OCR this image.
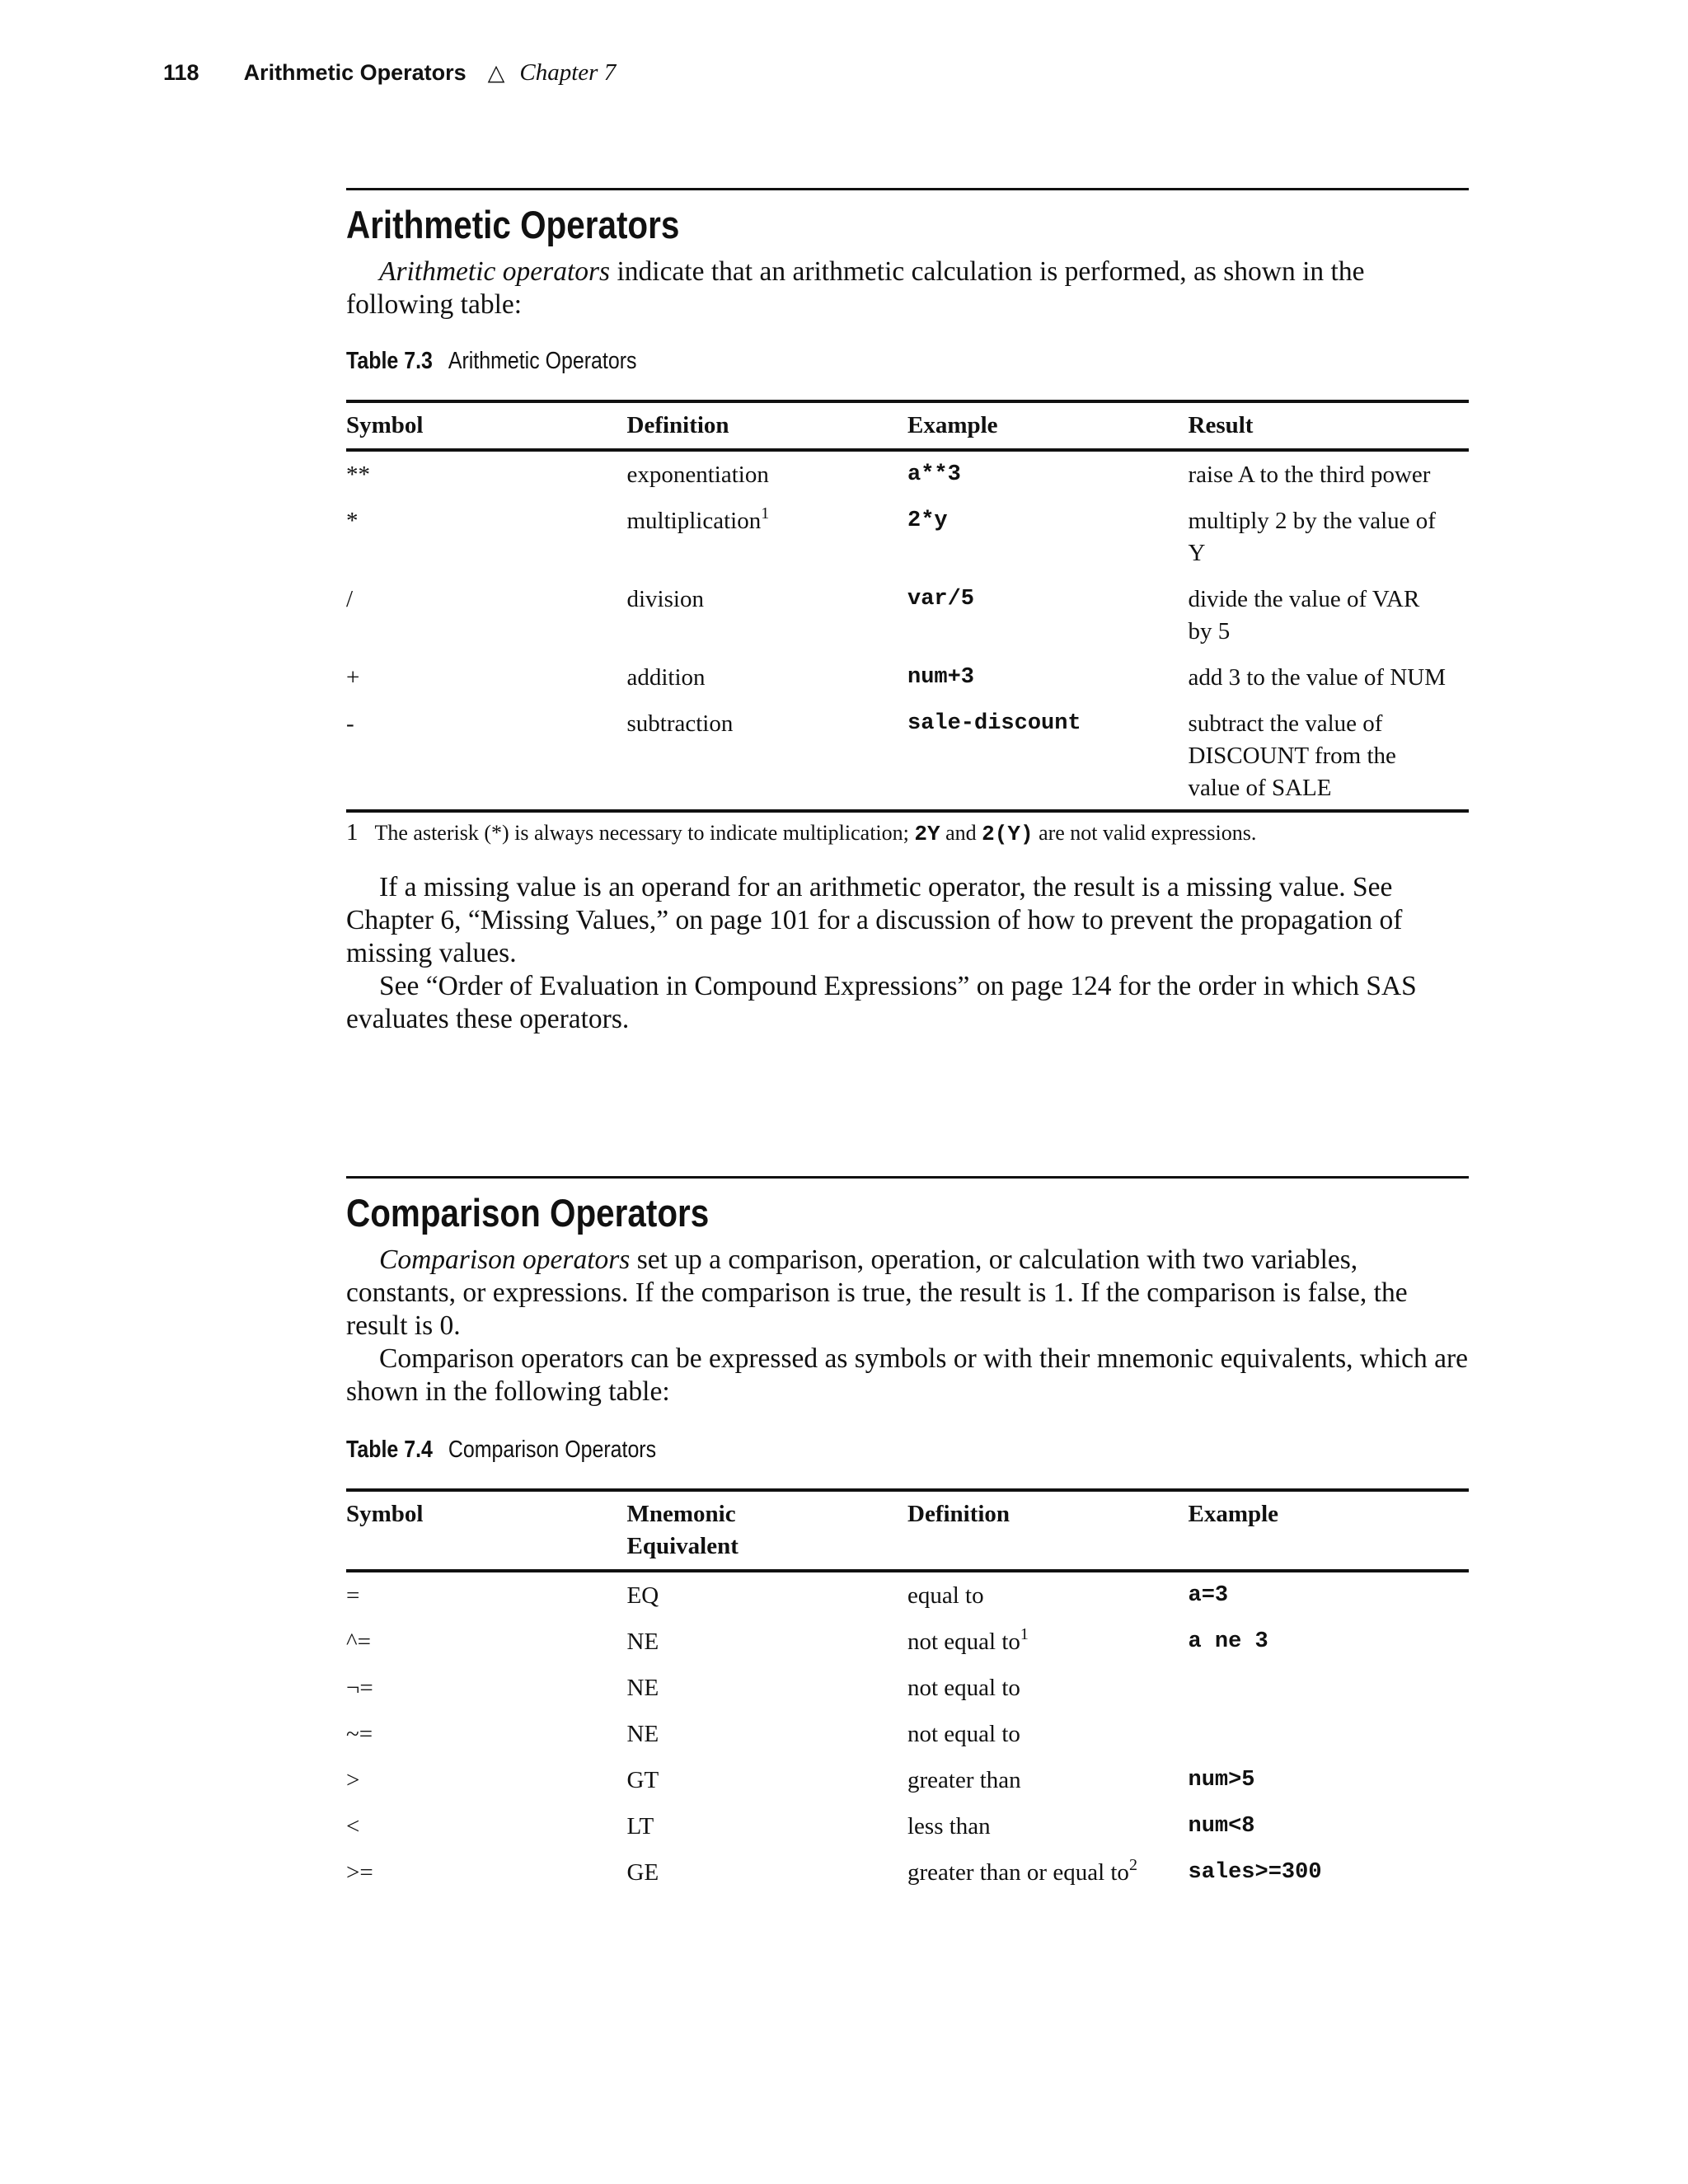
118 Arithmetic Operators △ Chapter 7
Arithmetic Operators

Arithmetic operators indicate that an arithmetic calculation is performed, as shown in the following table:

Table 7.3 Arithmetic Operators
Symbol	Definition	Example	Result
**	exponentiation	a**3	raise A to the third power

*	multiplication$^1$	2*y	multiply 2 by the value of Y

/	division	var/5	divide the value of VAR by 5

+	addition	num+3	add 3 to the value of NUM

-	subtraction	sale-discount	subtract the value of DISCOUNT from the value of SALE
1 The asterisk (*) is always necessary to indicate multiplication; 2Y and 2(Y) are not valid expressions.

If a missing value is an operand for an arithmetic operator, the result is a missing value. See Chapter 6, “Missing Values,” on page 101 for a discussion of how to prevent the propagation of missing values.

See “Order of Evaluation in Compound Expressions” on page 124 for the order in which SAS evaluates these operators.

Comparison Operators

Comparison operators set up a comparison, operation, or calculation with two variables, constants, or expressions. If the comparison is true, the result is 1. If the comparison is false, the result is 0.

Comparison operators can be expressed as symbols or with their mnemonic equivalents, which are shown in the following table:

Table 7.4 Comparison Operators
Symbol	Mnemonic Equivalent	Definition	Example
=	EQ	equal to	a=3
^=	NE	not equal $to^1$	a ne 3
¬=	NE	not equal to	
~=	NE	not equal to	
>	GT	greater than	num>5
<	LT	less than	num<8
>=	GE	greater than or equal $to^2$	sales>=300
